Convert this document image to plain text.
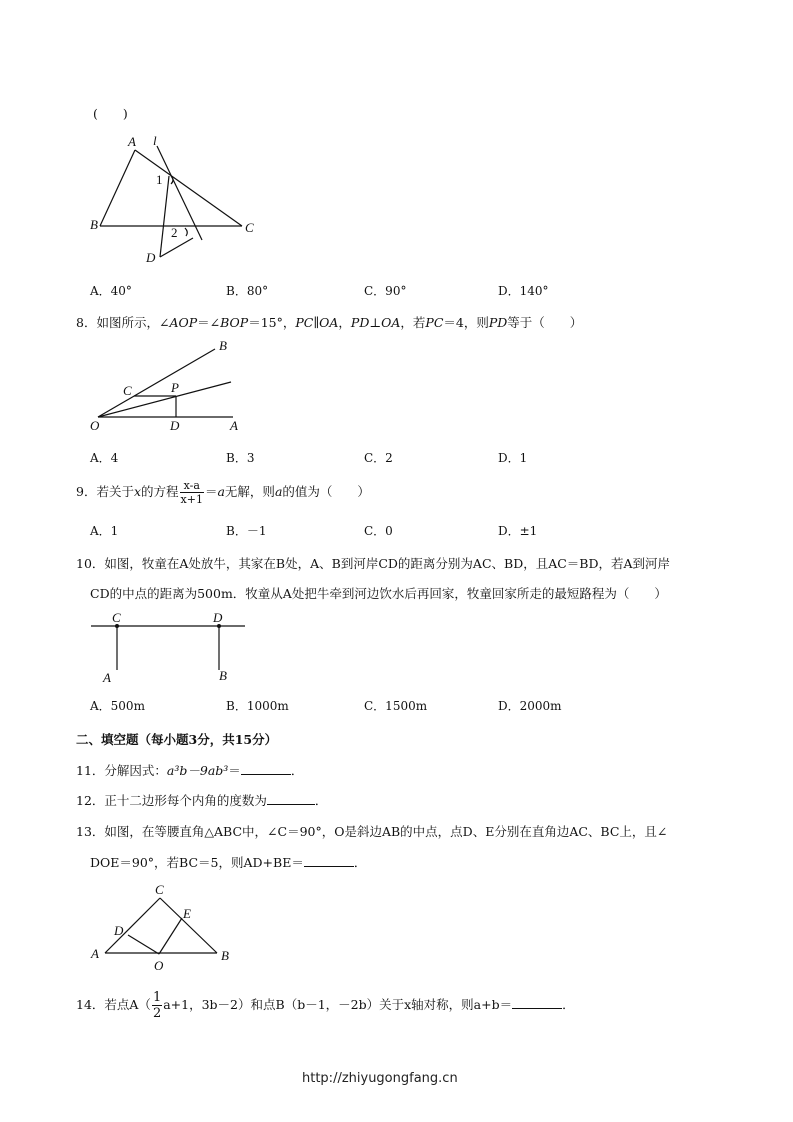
(　　)
A l
1
B	C
2
D
A．40°	B．80°	C．90°	D．140°
8．如图所示，∠AOP＝∠BOP＝15°，PC∥OA，PD⊥OA，若PC＝4，则PD等于（　　）
B
C	P
O	D	A
A．4	B．3	C．2	D．1
9．若关于x的方程 $\frac{x-a}{x+1} =a$无解，则a的值为（　　）
A．1	B．－1	C．0	D．±1
10．如图，牧童在A处放牛，其家在B处，A、B到河岸CD的距离分别为AC、BD，且AC＝BD，若A到河岸
CD的中点的距离为500m．牧童从A处把牛牵到河边饮水后再回家，牧童回家所走的最短路程为（　　）
C	D
A	B
A．500m	B．1000m	C．1500m	D．2000m
二、填空题（每小题3分，共15分）
11．分解因式：a³b－9ab³＝	．
12．正十二边形每个内角的度数为	．
13．如图，在等腰直角△ABC中，∠C＝90°，O是斜边AB的中点，点D、E分别在直角边AC、BC上，且∠
DOE＝90°，若BC＝5，则AD+BE＝	．
C
E
D
A
O
B
14．若点$A( \frac{1}{2} a+1$，3b－2）和点B（b－1，－2b）关于x轴对称，则a+b＝	．
http://zhiyugongfang.cn
